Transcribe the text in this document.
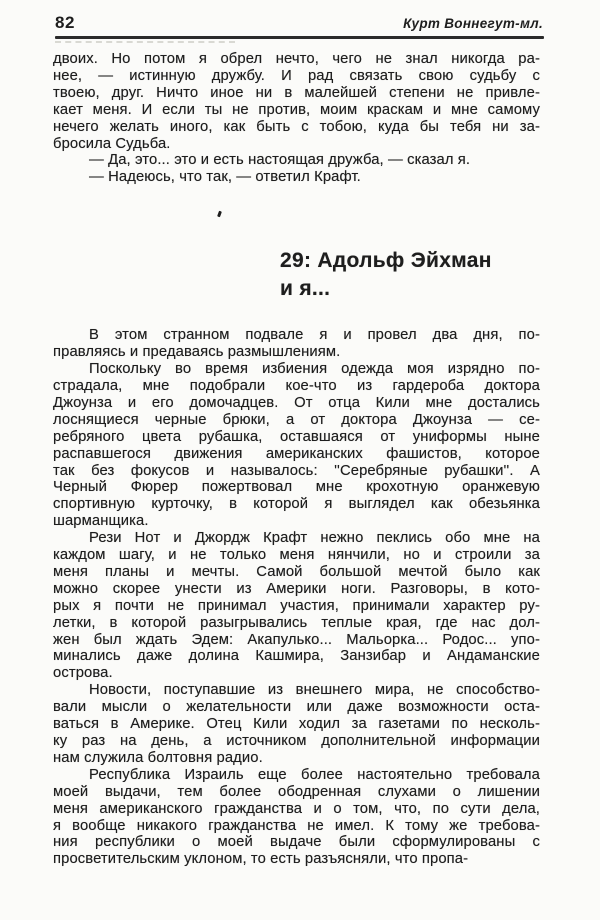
82	Курт Воннегут-мл.
двоих. Но потом я обрел нечто, чего не знал никогда ра-
нее, — истинную дружбу. И рад связать свою судьбу с
твоею, друг. Ничто иное ни в малейшей степени не привле-
кает меня. И если ты не против, моим краскам и мне самому
нечего желать иного, как быть с тобою, куда бы тебя ни за-
бросила Судьба.
— Да, это... это и есть настоящая дружба, — сказал я.
— Надеюсь, что так, — ответил Крафт.
29: Адольф Эйхман
и я...
В этом странном подвале я и провел два дня, по-
правляясь и предаваясь размышлениям.
Поскольку во время избиения одежда моя изрядно по-
страдала, мне подобрали кое-что из гардероба доктора
Джоунза и его домочадцев. От отца Кили мне достались
лоснящиеся черные брюки, а от доктора Джоунза — се-
ребряного цвета рубашка, оставшаяся от униформы ныне
распавшегося движения американских фашистов, которое
так без фокусов и называлось: ''Серебряные рубашки''. А
Черный Фюрер пожертвовал мне крохотную оранжевую
спортивную курточку, в которой я выглядел как обезьянка
шарманщика.
Рези Нот и Джордж Крафт нежно пеклись обо мне на
каждом шагу, и не только меня нянчили, но и строили за
меня планы и мечты. Самой большой мечтой было как
можно скорее унести из Америки ноги. Разговоры, в кото-
рых я почти не принимал участия, принимали характер ру-
летки, в которой разыгрывались теплые края, где нас дол-
жен был ждать Эдем: Акапулько... Мальорка... Родос... упо-
минались даже долина Кашмира, Занзибар и Андаманские
острова.
Новости, поступавшие из внешнего мира, не способство-
вали мысли о желательности или даже возможности оста-
ваться в Америке. Отец Кили ходил за газетами по несколь-
ку раз на день, а источником дополнительной информации
нам служила болтовня радио.
Республика Израиль еще более настоятельно требовала
моей выдачи, тем более ободренная слухами о лишении
меня американского гражданства и о том, что, по сути дела,
я вообще никакого гражданства не имел. К тому же требова-
ния республики о моей выдаче были сформулированы с
просветительским уклоном, то есть разъясняли, что пропа-
